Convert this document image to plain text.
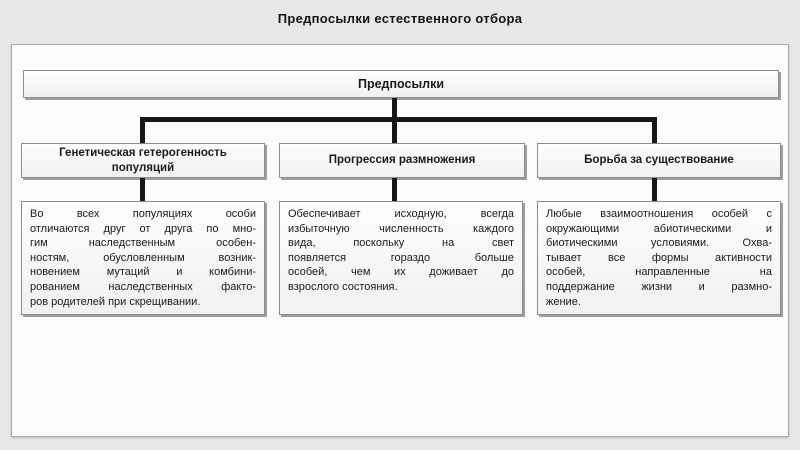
Предпосылки естественного отбора
Предпосылки
Генетическая гетерогенность популяций
Прогрессия размножения	Борьба за существование
Во всех популяциях особи
отличаются друг от друга по мно-
гим наследственным особен-
ностям, обусловленным возник-
новением мутаций и комбини-
рованием наследственных факто-
ров родителей при скрещивании.
Обеспечивает исходную, всегда
избыточную численность каждого
вида, поскольку на свет
появляется гораздо больше
особей, чем их доживает до
взрослого состояния.
Любые взаимоотношения особей с
окружающими абиотическими и
биотическими условиями. Охва-
тывает все формы активности
особей, направленные на
поддержание жизни и размно-
жение.
